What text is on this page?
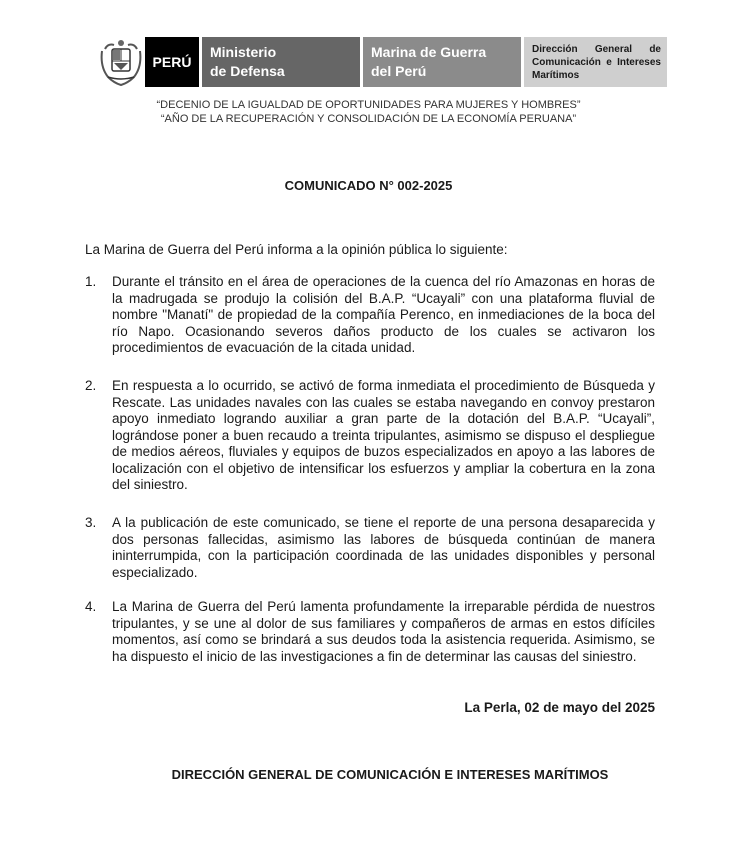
PERÚ
Ministerio
de Defensa
Marina de Guerra
del Perú
Dirección General de Comunicación e Intereses Marítimos
“DECENIO DE LA IGUALDAD DE OPORTUNIDADES PARA MUJERES Y HOMBRES”
“AÑO DE LA RECUPERACIÓN Y CONSOLIDACIÓN DE LA ECONOMÍA PERUANA”
COMUNICADO N° 002-2025
La Marina de Guerra del Perú informa a la opinión pública lo siguiente:
1.	Durante el tránsito en el área de operaciones de la cuenca del río Amazonas en horas de la madrugada se produjo la colisión del B.A.P. “Ucayali” con una plataforma fluvial de nombre "Manatí" de propiedad de la compañía Perenco, en inmediaciones de la boca del río Napo. Ocasionando severos daños producto de los cuales se activaron los procedimientos de evacuación de la citada unidad.
2.	En respuesta a lo ocurrido, se activó de forma inmediata el procedimiento de Búsqueda y Rescate. Las unidades navales con las cuales se estaba navegando en convoy prestaron apoyo inmediato logrando auxiliar a gran parte de la dotación del B.A.P. “Ucayali”, lográndose poner a buen recaudo a treinta tripulantes, asimismo se dispuso el despliegue de medios aéreos, fluviales y equipos de buzos especializados en apoyo a las labores de localización con el objetivo de intensificar los esfuerzos y ampliar la cobertura en la zona del siniestro.
3.	A la publicación de este comunicado, se tiene el reporte de una persona desaparecida y dos personas fallecidas, asimismo las labores de búsqueda continúan de manera ininterrumpida, con la participación coordinada de las unidades disponibles y personal especializado.
4.	La Marina de Guerra del Perú lamenta profundamente la irreparable pérdida de nuestros tripulantes, y se une al dolor de sus familiares y compañeros de armas en estos difíciles momentos, así como se brindará a sus deudos toda la asistencia requerida. Asimismo, se ha dispuesto el inicio de las investigaciones a fin de determinar las causas del siniestro.
La Perla, 02 de mayo del 2025
DIRECCIÓN GENERAL DE COMUNICACIÓN E INTERESES MARÍTIMOS
